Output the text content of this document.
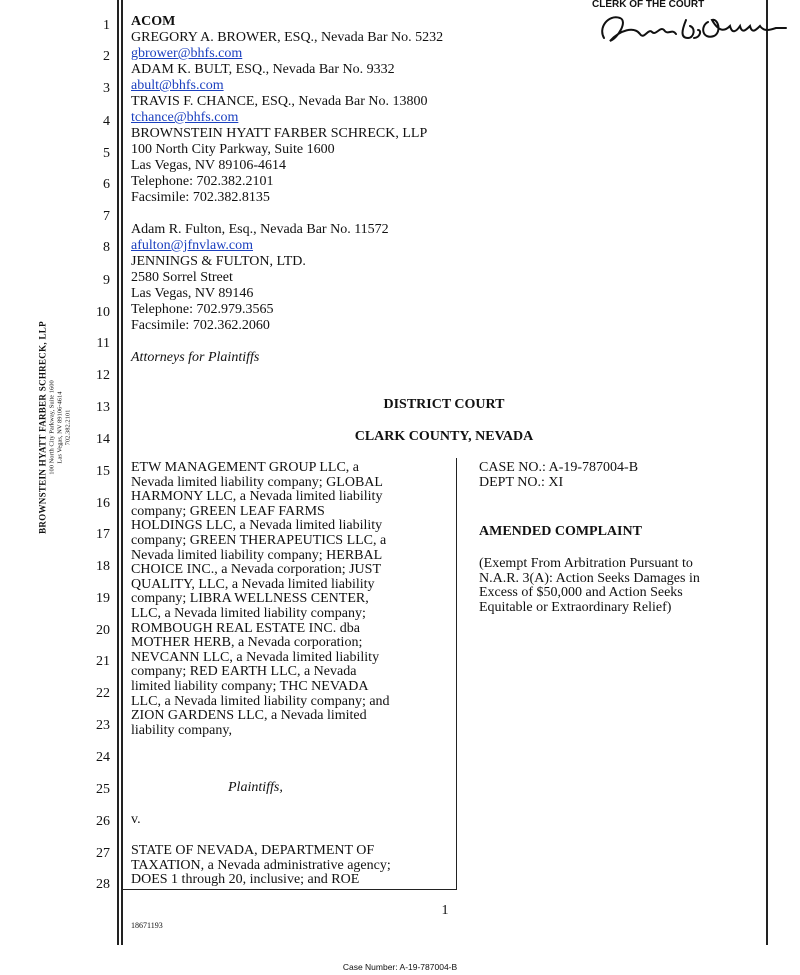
CLERK OF THE COURT
BROWNSTEIN HYATT FARBER SCHRECK, LLP 100 North City Parkway, Suite 1600 Las Vegas, NV 89106-4614 702.382.2101
1
2
3
4
5
6
7
8
9
10
11
12
13
14
15
16
17
18
19
20
21
22
23
24
25
26
27
28
ACOM
GREGORY A. BROWER, ESQ., Nevada Bar No. 5232
gbrower@bhfs.com
ADAM K. BULT, ESQ., Nevada Bar No. 9332
abult@bhfs.com
TRAVIS F. CHANCE, ESQ., Nevada Bar No. 13800
tchance@bhfs.com
BROWNSTEIN HYATT FARBER SCHRECK, LLP
100 North City Parkway, Suite 1600
Las Vegas, NV 89106-4614
Telephone: 702.382.2101
Facsimile: 702.382.8135
Adam R. Fulton, Esq., Nevada Bar No. 11572
afulton@jfnvlaw.com
JENNINGS & FULTON, LTD.
2580 Sorrel Street
Las Vegas, NV 89146
Telephone: 702.979.3565
Facsimile: 702.362.2060
Attorneys for Plaintiffs
DISTRICT COURT
CLARK COUNTY, NEVADA
ETW MANAGEMENT GROUP LLC, a
Nevada limited liability company; GLOBAL
HARMONY LLC, a Nevada limited liability
company; GREEN LEAF FARMS
HOLDINGS LLC, a Nevada limited liability
company; GREEN THERAPEUTICS LLC, a
Nevada limited liability company; HERBAL
CHOICE INC., a Nevada corporation; JUST
QUALITY, LLC, a Nevada limited liability
company; LIBRA WELLNESS CENTER,
LLC, a Nevada limited liability company;
ROMBOUGH REAL ESTATE INC. dba
MOTHER HERB, a Nevada corporation;
NEVCANN LLC, a Nevada limited liability
company; RED EARTH LLC, a Nevada
limited liability company; THC NEVADA
LLC, a Nevada limited liability company; and
ZION GARDENS LLC, a Nevada limited
liability company,
Plaintiffs,
v.
STATE OF NEVADA, DEPARTMENT OF
TAXATION, a Nevada administrative agency;
DOES 1 through 20, inclusive; and ROE
CASE NO.: A-19-787004-B
DEPT NO.: XI
AMENDED COMPLAINT
(Exempt From Arbitration Pursuant to
N.A.R. 3(A): Action Seeks Damages in
Excess of $50,000 and Action Seeks
Equitable or Extraordinary Relief)
1
18671193
Case Number: A-19-787004-B
